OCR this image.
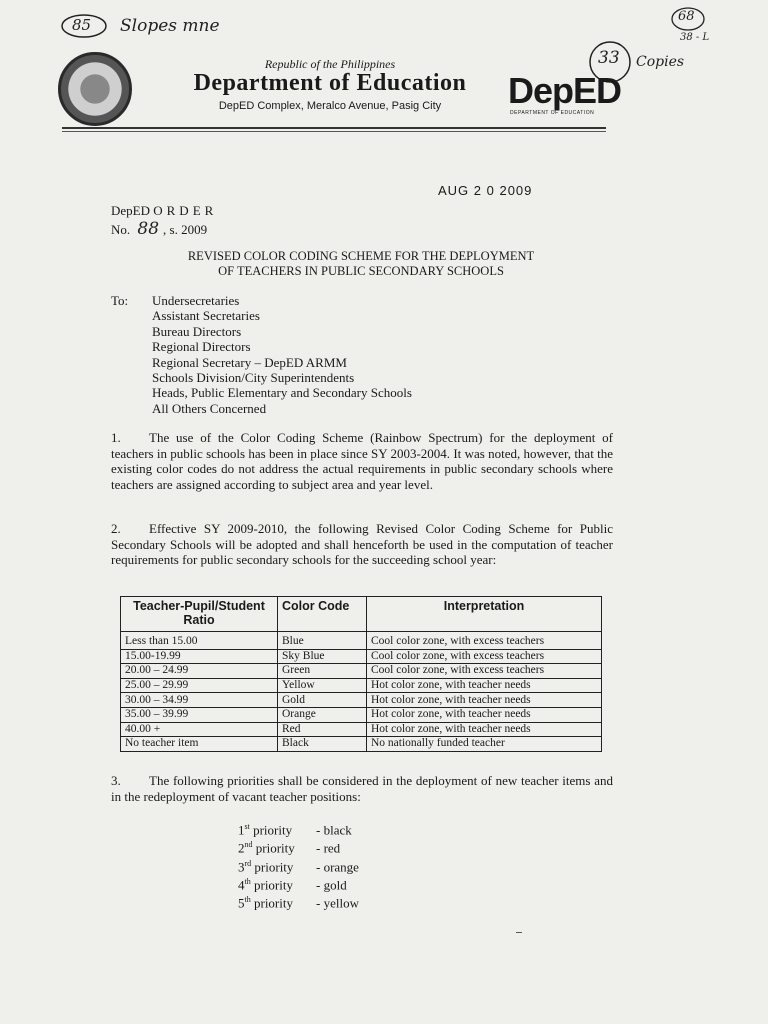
85 Slopes mne	68
38 - L
33 Copies
Republic of the Philippines
Department of Education
DepED Complex, Meralco Avenue, Pasig City	DepED
DEPARTMENT OF EDUCATION
AUG 2 0 2009
DepED ORDER
No. 88 , s. 2009
REVISED COLOR CODING SCHEME FOR THE DEPLOYMENT
OF TEACHERS IN PUBLIC SECONDARY SCHOOLS
To: Undersecretaries
Assistant Secretaries
Bureau Directors
Regional Directors
Regional Secretary – DepED ARMM
Schools Division/City Superintendents
Heads, Public Elementary and Secondary Schools
All Others Concerned
1. The use of the Color Coding Scheme (Rainbow Spectrum) for the deployment of teachers in public schools has been in place since SY 2003-2004. It was noted, however, that the existing color codes do not address the actual requirements in public secondary schools where teachers are assigned according to subject area and year level.
2. Effective SY 2009-2010, the following Revised Color Coding Scheme for Public Secondary Schools will be adopted and shall henceforth be used in the computation of teacher requirements for public secondary schools for the succeeding school year:
Teacher-Pupil/Student Ratio	Color Code	Interpretation
Less than 15.00	Blue	Cool color zone, with excess teachers
15.00-19.99	Sky Blue	Cool color zone, with excess teachers
20.00 – 24.99	Green	Cool color zone, with excess teachers
25.00 – 29.99	Yellow	Hot color zone, with teacher needs
30.00 – 34.99	Gold	Hot color zone, with teacher needs
35.00 – 39.99	Orange	Hot color zone, with teacher needs
40.00 +	Red	Hot color zone, with teacher needs
No teacher item	Black	No nationally funded teacher
3. The following priorities shall be considered in the deployment of new teacher items and in the redeployment of vacant teacher positions:
1st priority - black
2nd priority - red
3rd priority - orange
4th priority - gold
5th priority - yellow
